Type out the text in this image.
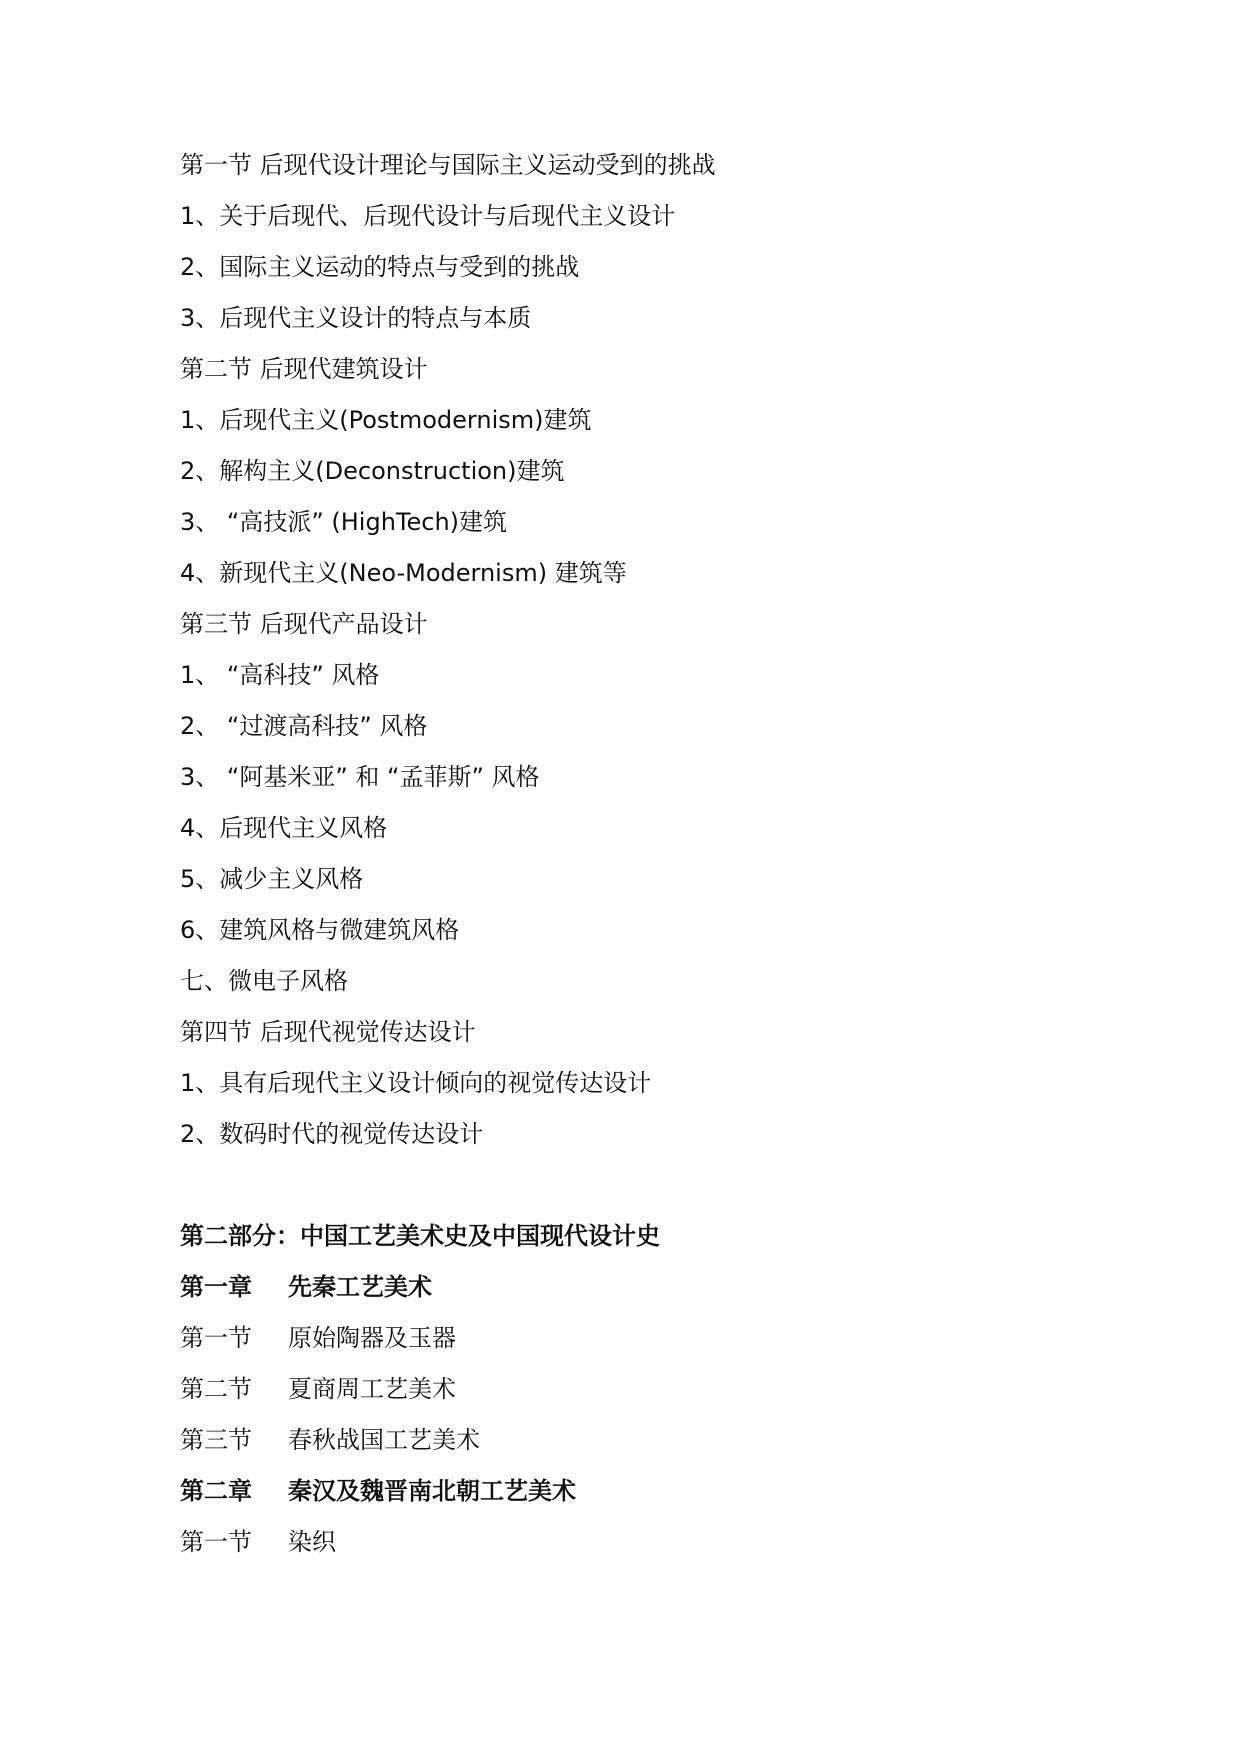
第一节 后现代设计理论与国际主义运动受到的挑战
1、关于后现代、后现代设计与后现代主义设计
2、国际主义运动的特点与受到的挑战
3、后现代主义设计的特点与本质
第二节 后现代建筑设计
1、后现代主义(Postmodernism)建筑
2、解构主义(Deconstruction)建筑
3、 “高技派” (HighTech)建筑
4、新现代主义(Neo-Modernism) 建筑等
第三节 后现代产品设计
1、 “高科技” 风格
2、 “过渡高科技” 风格
3、 “阿基米亚” 和 “孟菲斯” 风格
4、后现代主义风格
5、减少主义风格
6、建筑风格与微建筑风格
七、微电子风格
第四节 后现代视觉传达设计
1、具有后现代主义设计倾向的视觉传达设计
2、数码时代的视觉传达设计
第二部分：中国工艺美术史及中国现代设计史
第一章 先秦工艺美术
第一节 原始陶器及玉器
第二节 夏商周工艺美术
第三节 春秋战国工艺美术
第二章 秦汉及魏晋南北朝工艺美术
第一节 染织
